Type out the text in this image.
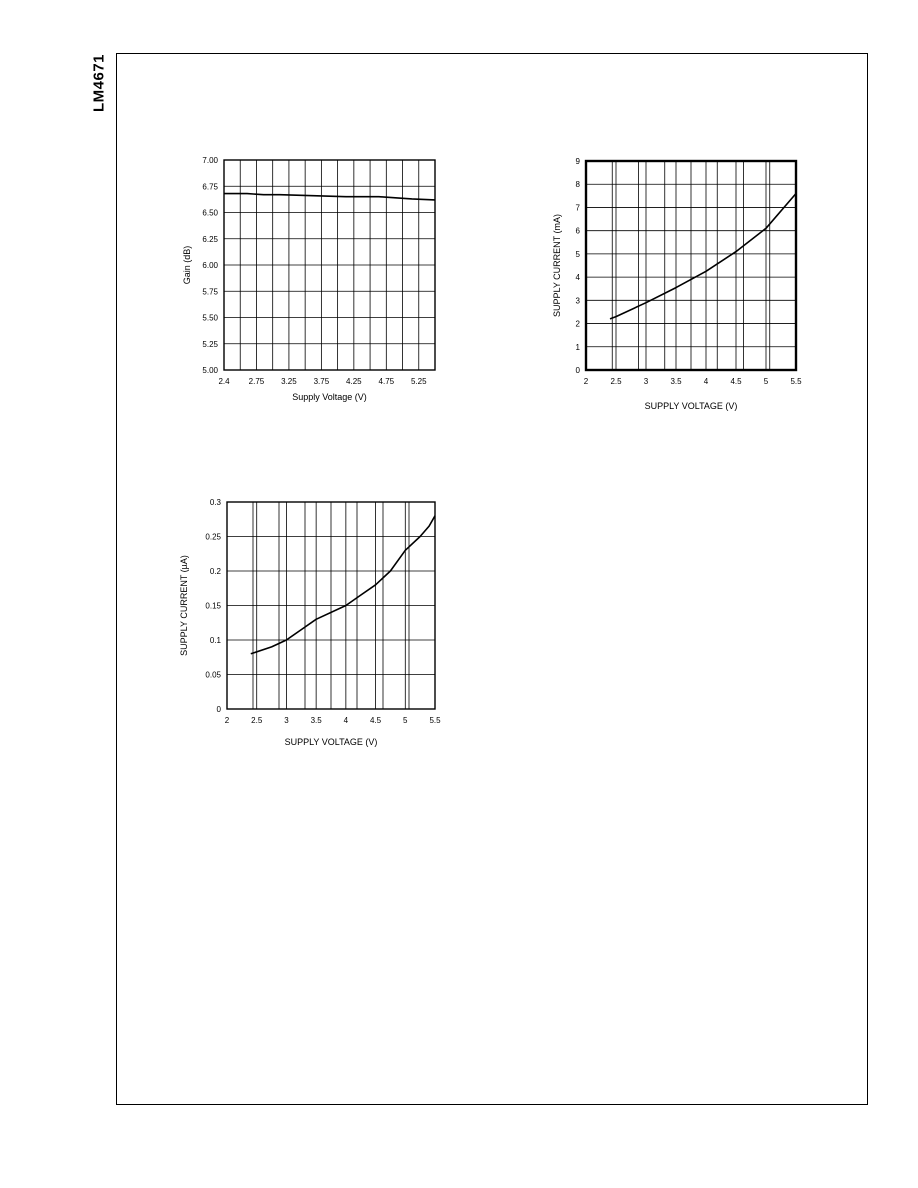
LM4671
2.4 2.75 3.25 3.75 4.25 4.75 5.25
5.00
5.25
5.50
5.75
6.00
6.25
6.50
6.75
7.00
Supply Voltage (V)
Gain (dB)
2	2.5	3	3.5	4	4.5	5	5.5
0
1
2
3
4
5
6
7
8
9
SUPPLY VOLTAGE (V)
SUPPLY CURRENT (mA)
2	2.5	3	3.5	4	4.5	5	5.5
0
0.05
0.1
0.15
0.2
0.25
0.3
SUPPLY VOLTAGE (V)
SUPPLY CURRENT (µA)
